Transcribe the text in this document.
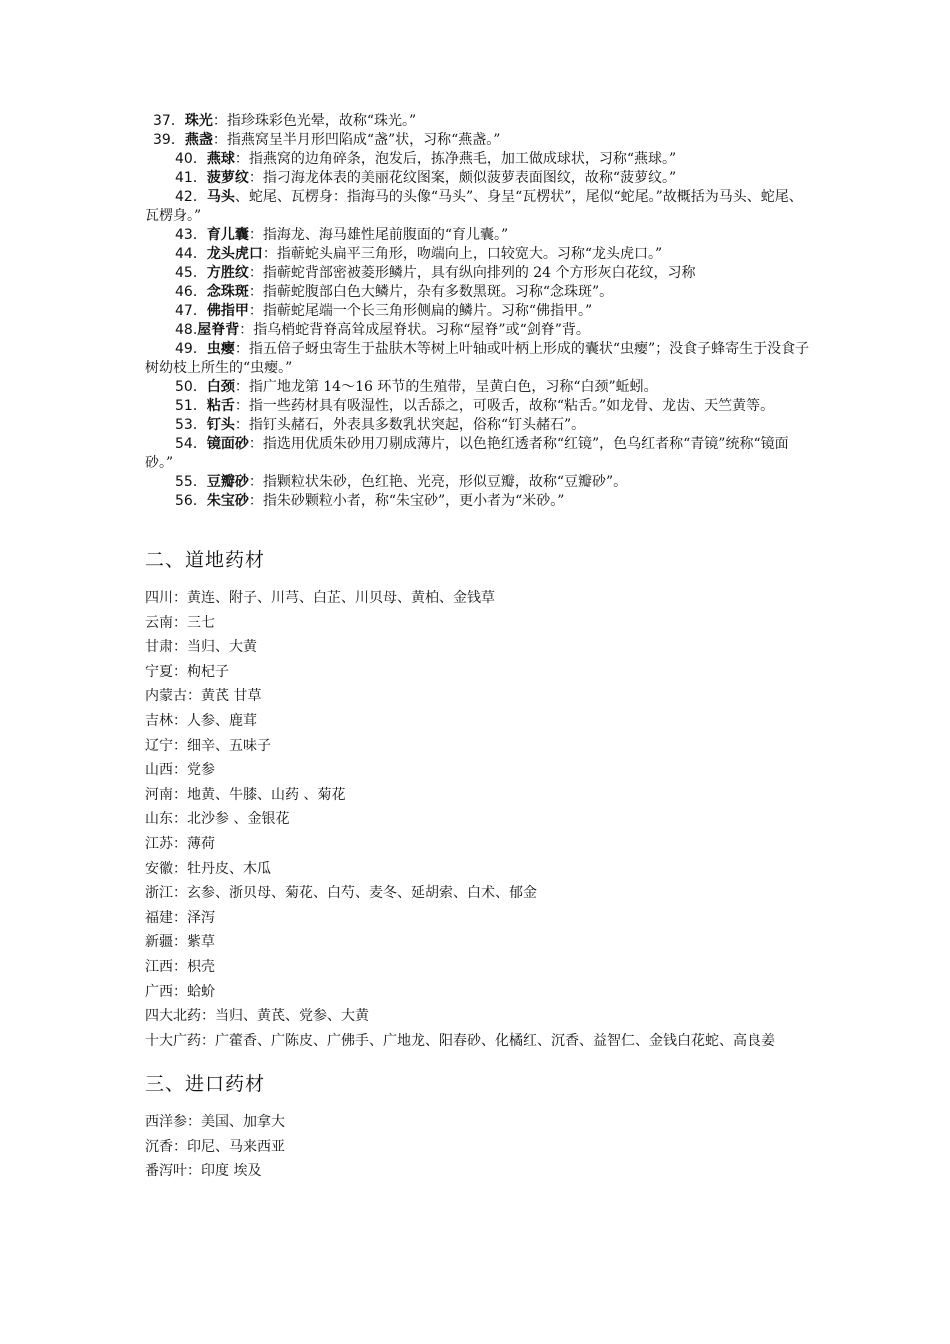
37．珠光：指珍珠彩色光晕，故称“珠光。”
39．燕盏：指燕窝呈半月形凹陷成“盏”状，习称“燕盏。”
40．燕球：指燕窝的边角碎条，泡发后，拣净燕毛，加工做成球状，习称“燕球。”
41．菠萝纹：指刁海龙体表的美丽花纹图案，颇似菠萝表面图纹，故称“菠萝纹。”
42．马头、蛇尾、瓦楞身：指海马的头像“马头”、身呈“瓦楞状”，尾似“蛇尾。”故概括为马头、蛇尾、瓦楞身。”
43．育儿囊：指海龙、海马雄性尾前腹面的“育儿囊。”
44．龙头虎口：指蕲蛇头扁平三角形，吻端向上，口较宽大。习称“龙头虎口。”
45．方胜纹：指蕲蛇背部密被菱形鳞片，具有纵向排列的 24 个方形灰白花纹，习称
46．念珠斑：指蕲蛇腹部白色大鳞片，杂有多数黑斑。习称“念珠斑”。
47．佛指甲：指蕲蛇尾端一个长三角形侧扁的鳞片。习称“佛指甲。”
48.屋脊背：指乌梢蛇背脊高耸成屋脊状。习称“屋脊”或“剑脊”背。
49．虫瘿：指五倍子蚜虫寄生于盐肤木等树上叶轴或叶柄上形成的囊状“虫瘿”；没食子蜂寄生于没食子树幼枝上所生的“虫瘿。”
50．白颈：指广地龙第 14～16 环节的生殖带，呈黄白色，习称“白颈”蚯蚓。
51．粘舌：指一些药材具有吸湿性，以舌舔之，可吸舌，故称“粘舌。”如龙骨、龙齿、天竺黄等。
53．钉头：指钉头赭石，外表具多数乳状突起，俗称“钉头赭石”。
54．镜面砂：指选用优质朱砂用刀剔成薄片，以色艳红透者称“红镜”，色乌红者称“青镜”统称“镜面砂。”
55．豆瓣砂：指颗粒状朱砂，色红艳、光亮，形似豆瓣，故称“豆瓣砂”。
56．朱宝砂：指朱砂颗粒小者，称“朱宝砂”，更小者为“米砂。”
二、道地药材
四川：黄连、附子、川芎、白芷、川贝母、黄柏、金钱草
云南：三七
甘肃：当归、大黄
宁夏：枸杞子
内蒙古：黄芪 甘草
吉林：人参、鹿茸
辽宁：细辛、五味子
山西：党参
河南：地黄、牛膝、山药 、菊花
山东：北沙参 、金银花
江苏：薄荷
安徽：牡丹皮、木瓜
浙江：玄参、浙贝母、菊花、白芍、麦冬、延胡索、白术、郁金
福建：泽泻
新疆：紫草
江西：枳壳
广西：蛤蚧
四大北药：当归、黄芪、党参、大黄
十大广药：广藿香、广陈皮、广佛手、广地龙、阳春砂、化橘红、沉香、益智仁、金钱白花蛇、高良姜
三、进口药材
西洋参：美国、加拿大
沉香：印尼、马来西亚
番泻叶：印度 埃及
